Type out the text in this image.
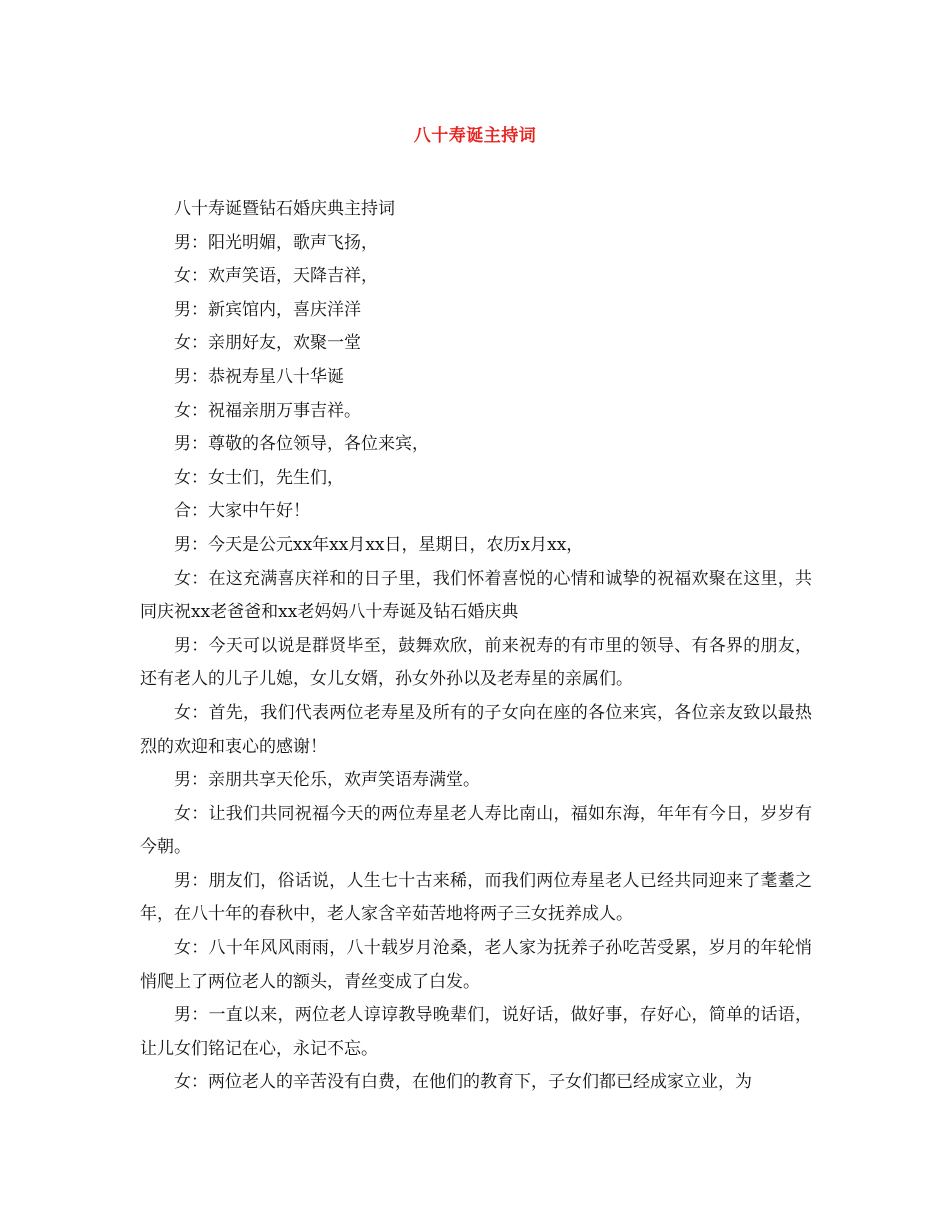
八十寿诞主持词

八十寿诞暨钻石婚庆典主持词

男：阳光明媚，歌声飞扬，

女：欢声笑语，天降吉祥，

男：新宾馆内，喜庆洋洋

女：亲朋好友，欢聚一堂

男：恭祝寿星八十华诞

女：祝福亲朋万事吉祥。

男：尊敬的各位领导，各位来宾，

女：女士们，先生们，

合：大家中午好！

男：今天是公元xx年xx月xx日，星期日，农历x月xx，

女：在这充满喜庆祥和的日子里，我们怀着喜悦的心情和诚挚的祝福欢聚在这里，共同庆祝xx老爸爸和xx老妈妈八十寿诞及钻石婚庆典

男：今天可以说是群贤毕至，鼓舞欢欣，前来祝寿的有市里的领导、有各界的朋友，还有老人的儿子儿媳，女儿女婿，孙女外孙以及老寿星的亲属们。

女：首先，我们代表两位老寿星及所有的子女向在座的各位来宾，各位亲友致以最热烈的欢迎和衷心的感谢！

男：亲朋共享天伦乐，欢声笑语寿满堂。

女：让我们共同祝福今天的两位寿星老人寿比南山，福如东海，年年有今日，岁岁有今朝。

男：朋友们，俗话说，人生七十古来稀，而我们两位寿星老人已经共同迎来了耄耋之年，在八十年的春秋中，老人家含辛茹苦地将两子三女抚养成人。

女：八十年风风雨雨，八十载岁月沧桑，老人家为抚养子孙吃苦受累，岁月的年轮悄悄爬上了两位老人的额头，青丝变成了白发。

男：一直以来，两位老人谆谆教导晚辈们，说好话，做好事，存好心，简单的话语，让儿女们铭记在心，永记不忘。

女：两位老人的辛苦没有白费，在他们的教育下，子女们都已经成家立业，为
